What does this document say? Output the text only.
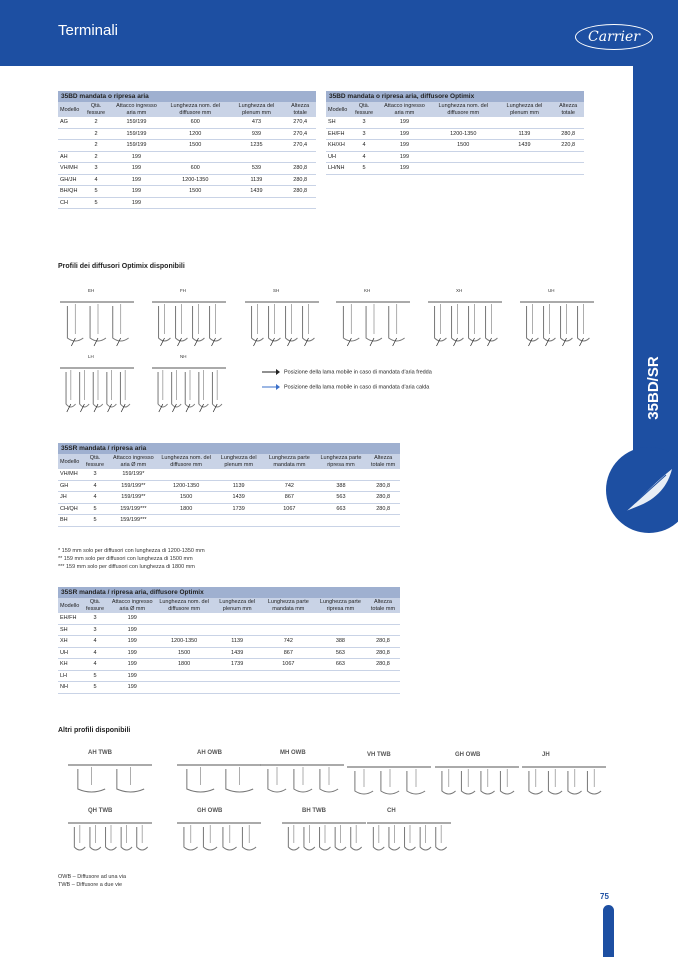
Terminali	Carrier
35BD/SR
35BD mandata o ripresa aria					
Modello	Qtà. fessure	Attacco ingresso aria mm	Lunghezza nom. del diffusore mm	Lunghezza del plenum mm	Altezza totale
AG	2	159/199	600	473	270,4
	2	159/199	1200	939	270,4
	2	159/199	1500	1235	270,4
AH	2	199			
VH/MH	3	199	600	539	280,8
GH/JH	4	199	1200-1350	1139	280,8
BH/QH	5	199	1500	1439	280,8
CH	5	199			
35BD mandata o ripresa aria, diffusore Optimix					
Modello	Qtà. fessure	Attacco ingresso aria mm	Lunghezza nom. del diffusore mm	Lunghezza del plenum mm	Altezza totale
SH	3	199			
EH/FH	3	199	1200-1350	1139	280,8
KH/XH	4	199	1500	1439	220,8
UH	4	199			
LH/NH	5	199			
Profili dei diffusori Optimix disponibili
EH	FH	SH	KH	XH	UH
LH	NH
Posizione della lama mobile in caso di mandata d'aria fredda
Posizione della lama mobile in caso di mandata d'aria calda
35SR mandata / ripresa aria							
Modello	Qtà. fessure	Attacco ingresso aria Ø mm	Lunghezza nom. del diffusore mm	Lunghezza del plenum mm	Lunghezza parte mandata mm	Lunghezza parte ripresa mm	Altezza totale mm
VH/MH	3	159/199*					
GH	4	159/199**	1200-1350	1139	742	388	280,8
JH	4	159/199**	1500	1439	867	563	280,8
CH/QH	5	159/199***	1800	1739	1067	663	280,8
BH	5	159/199***					
* 159 mm solo per diffusori con lunghezza di 1200-1350 mm
** 159 mm solo per diffusori con lunghezza di 1500 mm
*** 159 mm solo per diffusori con lunghezza di 1800 mm
35SR mandata / ripresa aria, diffusore Optimix							
Modello	Qtà. fessure	Attacco ingresso aria Ø mm	Lunghezza nom. del diffusore mm	Lunghezza del plenum mm	Lunghezza parte mandata mm	Lunghezza parte ripresa mm	Altezza totale mm
EH/FH	3	199					
SH	3	199					
XH	4	199	1200-1350	1139	742	388	280,8
UH	4	199	1500	1439	867	563	280,8
KH	4	199	1800	1739	1067	663	280,8
LH	5	199					
NH	5	199					
Altri profili disponibili
AH TWB	AH OWB	MH OWB	VH TWB	GH OWB	JH
QH TWB	GH OWB	BH TWB	CH
OWB – Diffusore ad una via
TWB – Diffusore a due vie
75
